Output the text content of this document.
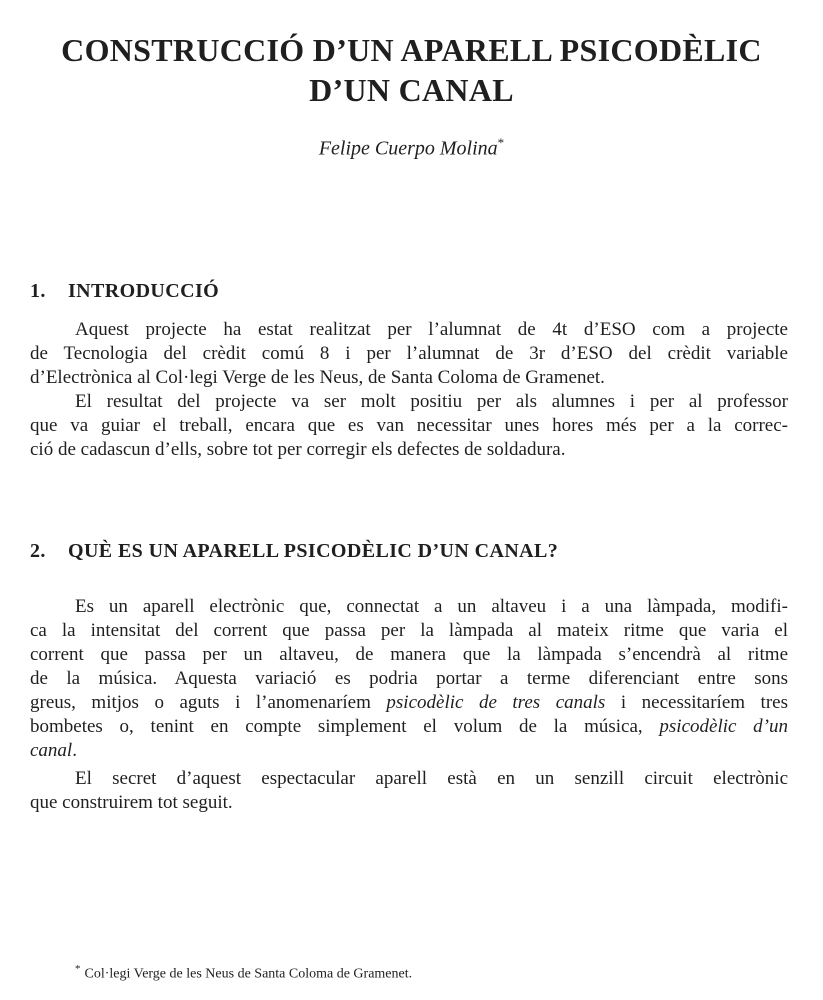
CONSTRUCCIÓ D’UN APARELL PSICODÈLIC
D’UN CANAL

Felipe Cuerpo Molina*

1. INTRODUCCIÓ
Aquest projecte ha estat realitzat per l’alumnat de 4t d’ESO com a projecte
de Tecnologia del crèdit comú 8 i per l’alumnat de 3r d’ESO del crèdit variable
d’Electrònica al Col·legi Verge de les Neus, de Santa Coloma de Gramenet.
El resultat del projecte va ser molt positiu per als alumnes i per al professor
que va guiar el treball, encara que es van necessitar unes hores més per a la correc-
ció de cadascun d’ells, sobre tot per corregir els defectes de soldadura.
2. QUÈ ES UN APARELL PSICODÈLIC D’UN CANAL?
Es un aparell electrònic que, connectat a un altaveu i a una làmpada, modifi-
ca la intensitat del corrent que passa per la làmpada al mateix ritme que varia el
corrent que passa per un altaveu, de manera que la làmpada s’encendrà al ritme
de la música. Aquesta variació es podria portar a terme diferenciant entre sons
greus, mitjos o aguts i l’anomenaríem psicodèlic de tres canals i necessitaríem tres
bombetes o, tenint en compte simplement el volum de la música, psicodèlic d’un
canal.
El secret d’aquest espectacular aparell està en un senzill circuit electrònic
que construirem tot seguit.

* Col·legi Verge de les Neus de Santa Coloma de Gramenet.
